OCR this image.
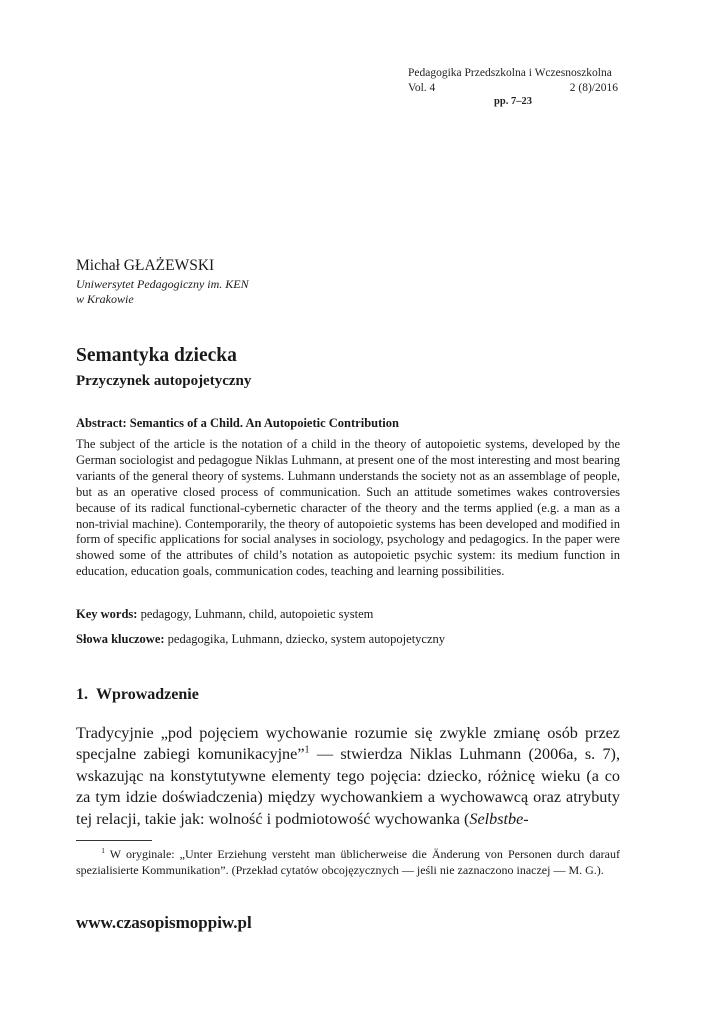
Pedagogika Przedszkolna i Wczesnoszkolna
Vol. 4	2 (8)/2016
pp. 7–23
Michał GŁAŻEWSKI
Uniwersytet Pedagogiczny im. KEN
w Krakowie
Semantyka dziecka
Przyczynek autopojetyczny
Abstract: Semantics of a Child. An Autopoietic Contribution
The subject of the article is the notation of a child in the theory of autopoietic systems, developed by the German sociologist and pedagogue Niklas Luhmann, at present one of the most interesting and most bearing variants of the general theory of systems. Luhmann understands the society not as an assemblage of people, but as an operative closed process of communication. Such an attitude sometimes wakes controversies because of its radical functional-cybernetic character of the theory and the terms applied (e.g. a man as a non-trivial machine). Contemporarily, the theory of autopoietic systems has been developed and modified in form of specific applications for social analyses in sociology, psychology and pedagogics. In the paper were showed some of the attributes of child’s notation as autopoietic psychic system: its medium function in education, education goals, communication codes, teaching and learning possibilities.
Key words: pedagogy, Luhmann, child, autopoietic system
Słowa kluczowe: pedagogika, Luhmann, dziecko, system autopojetyczny
1. Wprowadzenie
Tradycyjnie „pod pojęciem wychowanie rozumie się zwykle zmianę osób przez specjalne zabiegi komunikacyjne”$^1$ — stwierdza Niklas Luhmann (2006a, s. 7), wskazując na konstytutywne elementy tego pojęcia: dziecko, różnicę wieku (a co za tym idzie doświadczenia) między wychowankiem a wychowawcą oraz atrybuty tej relacji, takie jak: wolność i podmiotowość wychowanka (Selbstbe-
$^1$ W oryginale: „Unter Erziehung versteht man üblicherweise die Änderung von Personen durch darauf spezialisierte Kommunikation”. (Przekład cytatów obcojęzycznych — jeśli nie zaznaczono inaczej — M. G.).
www.czasopismoppiw.pl
